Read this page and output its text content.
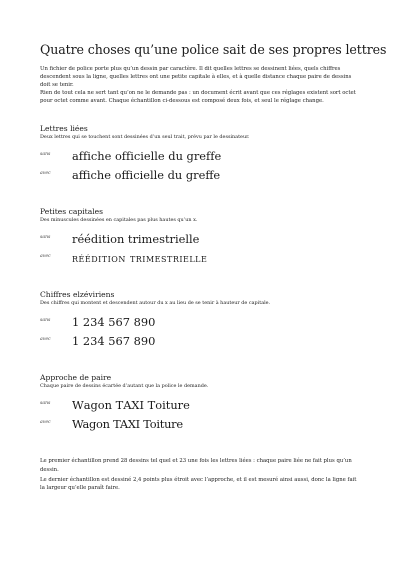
Quatre choses qu’une police sait de ses propres lettres

Un fichier de police porte plus qu’un dessin par caractère. Il dit quelles lettres se dessinent liées, quels chiffres descendent sous la ligne, quelles lettres ont une petite capitale à elles, et à quelle distance chaque paire de dessins doit se tenir.

Rien de tout cela ne sert tant qu’on ne le demande pas : un document écrit avant que ces réglages existent sort octet pour octet comme avant. Chaque échantillon ci-dessous est composé deux fois, et seul le réglage change.

Lettres liées

Deux lettres qui se touchent sont dessinées d’un seul trait, prévu par le dessinateur.

sans	affiche officielle du greffe
avec	affiche officielle du greffe

Petites capitales

Des minuscules dessinées en capitales pas plus hautes qu’un x.

sans	réédition trimestrielle
avec	réédition trimestrielle

Chiffres elzéviriens

Des chiffres qui montent et descendent autour du x au lieu de se tenir à hauteur de capitale.

sans	1 234 567 890
avec	1 234 567 890

Approche de paire

Chaque paire de dessins écartée d’autant que la police le demande.

sans	Wagon TAXI Toiture
avec	Wagon TAXI Toiture

Le premier échantillon prend 28 dessins tel quel et 23 une fois les lettres liées : chaque paire liée ne fait plus qu’un dessin.

Le dernier échantillon est dessiné 2,4 points plus étroit avec l’approche, et il est mesuré ainsi aussi, donc la ligne fait la largeur qu’elle paraît faire.
